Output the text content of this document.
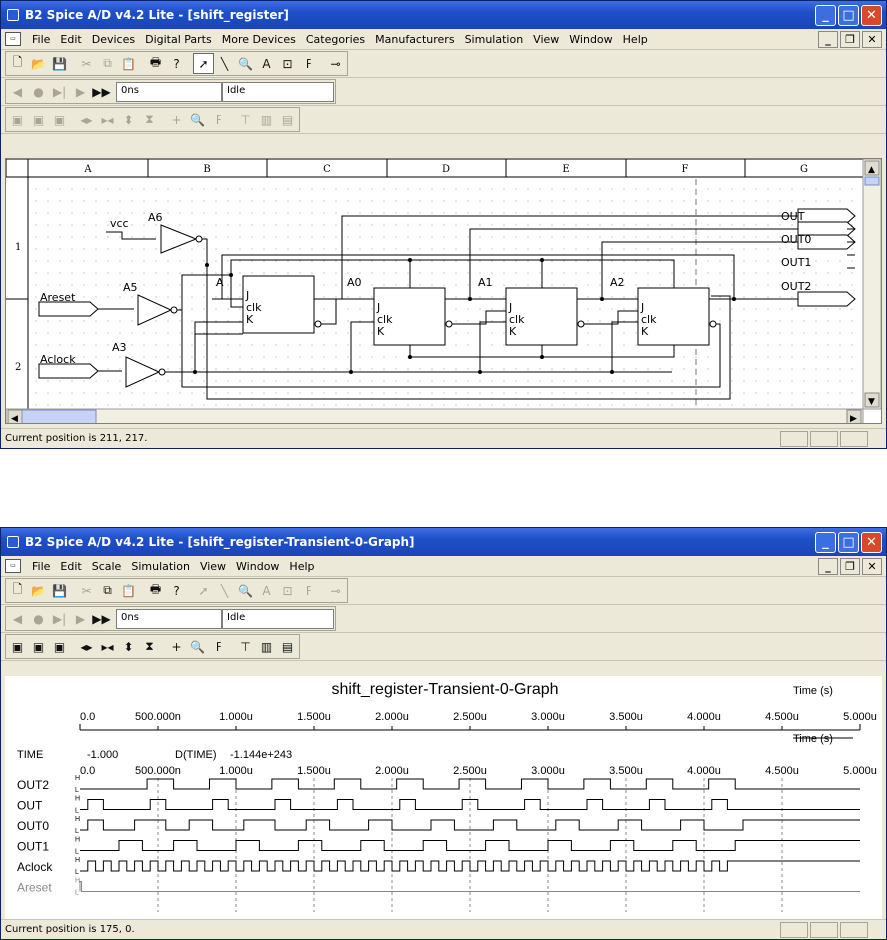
B2 Spice A/D v4.2 Lite - [shift_register]	_	□ ✕
▭	File Edit Devices Digital Parts More Devices Categories Manufacturers Simulation View Window Help	_	❐	✕
🗋 📂 💾	✂ ⧉ 📋	🖶	?	➚	╲ 🔍 A ⊡	ߓ	⊸
◀ ● ▶| ▶ ▶▶	0ns	Idle
▣ ▣ ▣	◂▸ ▸◂ ⬍ ⧗	+ 🔍 ߓ	⊤ ▥ ▤
A	B	C	D	E	F	G
1
2
▲
▼
◀	▶
vcc A6
A5
A3
Areset
Aclock
A	A0	A1	A2
J
clk
K
J
clk
K
J
clk
K
J
clk
K
OUT
OUT0
OUT1
OUT2
Current position is 211, 217.
B2 Spice A/D v4.2 Lite - [shift_register-Transient-0-Graph]	_	□ ✕
▭	File Edit Scale Simulation View Window Help	_	❐	✕
🗋 📂 💾	✂ ⧉ 📋	🖶	?	➚	╲ 🔍 A ⊡	ߓ	⊸
◀ ● ▶| ▶ ▶▶	0ns	Idle
▣ ▣ ▣	◂▸ ▸◂ ⬍ ⧗	+ 🔍 ߓ	⊤ ▥ ▤
shift_register-Transient-0-Graph	Time (s)
0.0	500.000n	1.000u	1.500u	2.000u	2.500u	3.000u	3.500u	4.000u	4.500u	5.000u
Time (s)
TIME	-1.000	D(TIME) -1.144e+243
0.0	500.000n	1.000u	1.500u	2.000u	2.500u	3.000u	3.500u	4.000u	4.500u	5.000u
OUT2	H
L
OUT	H
L
OUT0	H
L
OUT1	H
L
Aclock	H
L
Areset	H
L
Current position is 175, 0.
